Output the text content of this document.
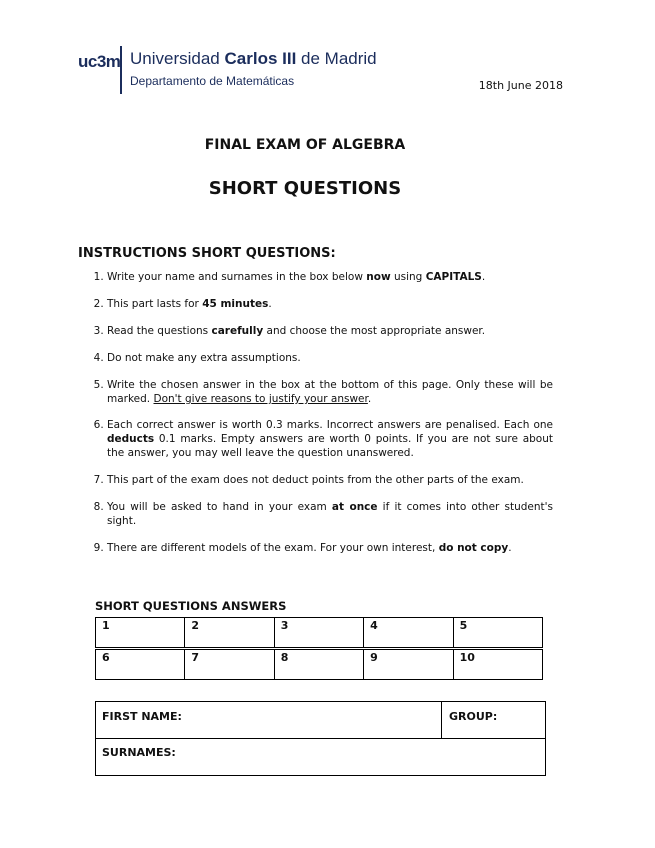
uc3m Universidad Carlos III de Madrid
Departamento de Matemáticas	18th June 2018
FINAL EXAM OF ALGEBRA
SHORT QUESTIONS
INSTRUCTIONS SHORT QUESTIONS:
1. Write your name and surnames in the box below now using CAPITALS.
2. This part lasts for 45 minutes.
3. Read the questions carefully and choose the most appropriate answer.
4. Do not make any extra assumptions.
5. Write the chosen answer in the box at the bottom of this page. Only these will be marked. Don't give reasons to justify your answer.
6. Each correct answer is worth 0.3 marks. Incorrect answers are penalised. Each one deducts 0.1 marks. Empty answers are worth 0 points. If you are not sure about the answer, you may well leave the question unanswered.
7. This part of the exam does not deduct points from the other parts of the exam.
8. You will be asked to hand in your exam at once if it comes into other student's sight.
9. There are different models of the exam. For your own interest, do not copy.
SHORT QUESTIONS ANSWERS
1	2	3	4	5
6	7	8	9	10
FIRST NAME:	GROUP:
SURNAMES:
